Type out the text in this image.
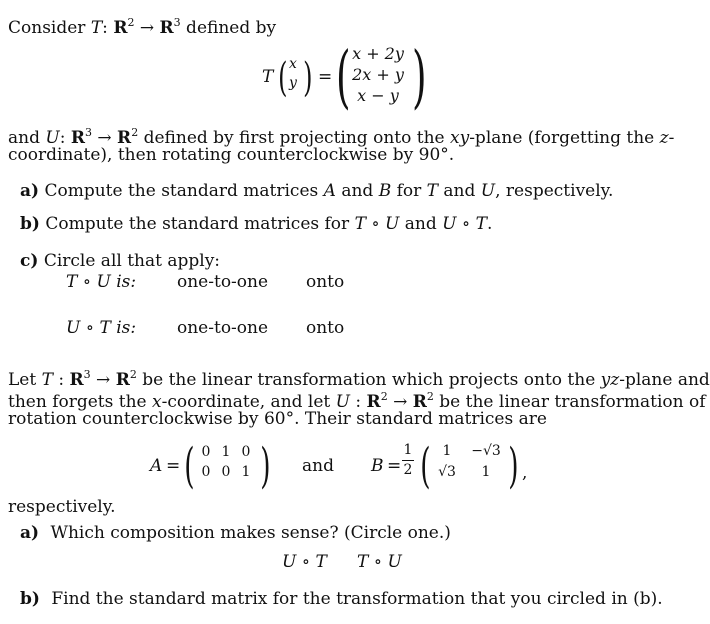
Consider T: $R^2 \to R^3$ defined by
T ( x
y ) = ( x + 2y
2x + y
x − y )
and U: $R^3 \to R^2$ defined by first projecting onto the xy-plane (forgetting the z-
coordinate), then rotating counterclockwise by 90°.
a) Compute the standard matrices A and B for T and U, respectively.
b) Compute the standard matrices for T ∘ U and U ∘ T.
c) Circle all that apply:
T ∘ U is: one-to-one onto
U ∘ T is: one-to-one onto
Let T : $R^3 \to R^2$ be the linear transformation which projects onto the yz-plane and
then forgets the x-coordinate, and let U : $R^2 \to R^2$ be the linear transformation of
rotation counterclockwise by 60°. Their standard matrices are
A = ( 0 1 0
0 0 1 ) and B =
1
2 ( 1 −√3
√3 1 ) ,
respectively.
a) Which composition makes sense? (Circle one.)
U ∘ T T ∘ U
b) Find the standard matrix for the transformation that you circled in (b).
